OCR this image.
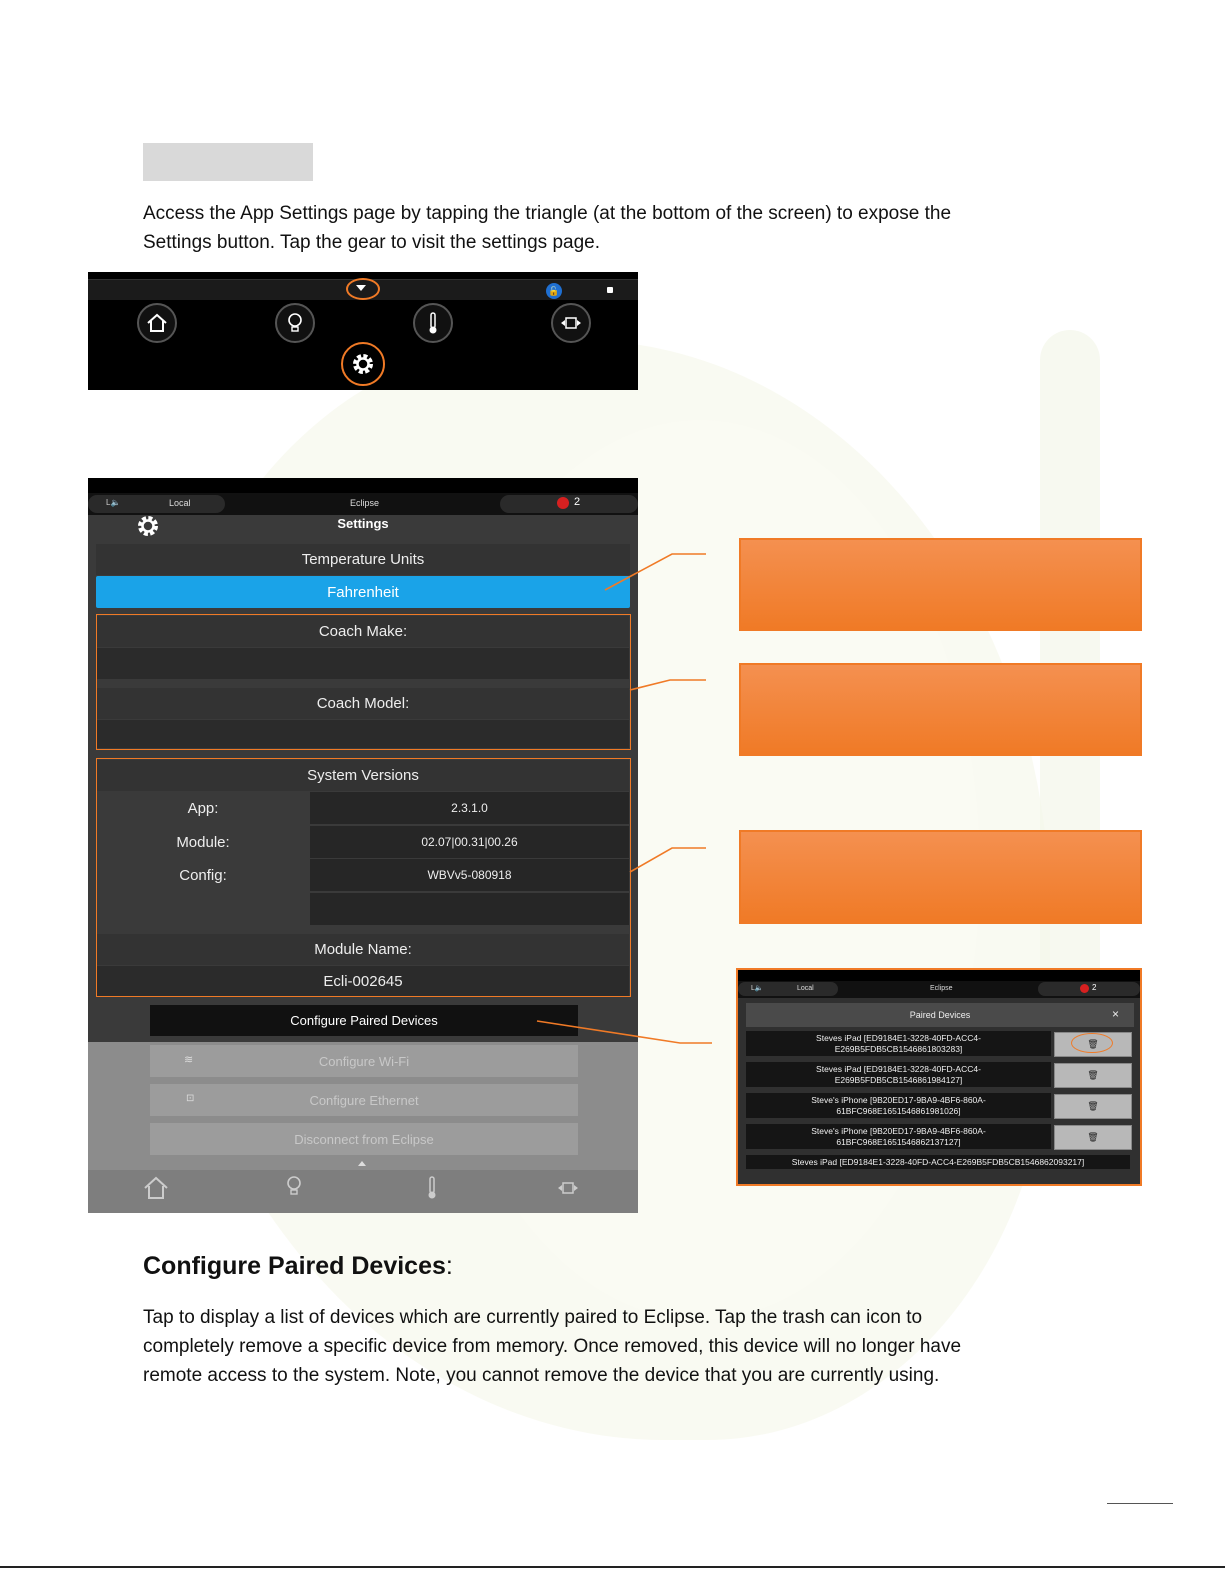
Access the App Settings page by tapping the triangle (at the bottom of the screen) to expose the
Settings button. Tap the gear to visit the settings page.
🔓
L🔈	Local	Eclipse	2
Settings
Temperature Units
Fahrenheit
Coach Make:
Coach Model:
System Versions
App:	2.3.1.0
Module:	02.07|00.31|00.26
Config:	WBVv5-080918
Module Name:
Ecli-002645
Configure Paired Devices
Configure Wi-Fi
≋
Configure Ethernet
⊡
Disconnect from Eclipse
L🔈	Local	Eclipse	2
Paired Devices	×
Steves iPad [ED9184E1-3228-40FD-ACC4-
E269B5FDB5CB1546861803283]	🗑
Steves iPad [ED9184E1-3228-40FD-ACC4-
E269B5FDB5CB1546861984127]	🗑
Steve's iPhone [9B20ED17-9BA9-4BF6-860A-
61BFC968E1651546861981026]	🗑
Steve's iPhone [9B20ED17-9BA9-4BF6-860A-
61BFC968E1651546862137127]	🗑
Steves iPad [ED9184E1-3228-40FD-ACC4-E269B5FDB5CB1546862093217]
Configure Paired Devices:
Tap to display a list of devices which are currently paired to Eclipse. Tap the trash can icon to
completely remove a specific device from memory. Once removed, this device will no longer have
remote access to the system. Note, you cannot remove the device that you are currently using.
